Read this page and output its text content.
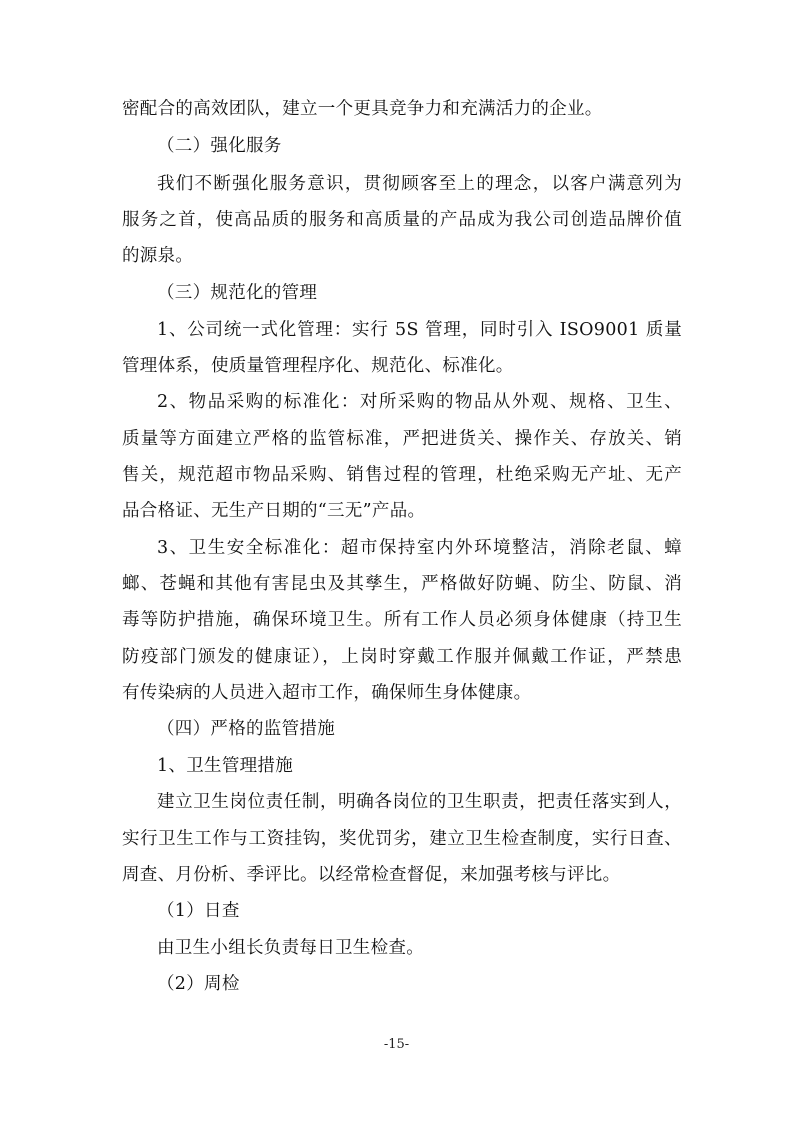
密配合的高效团队，建立一个更具竞争力和充满活力的企业。
（二）强化服务
我们不断强化服务意识，贯彻顾客至上的理念，以客户满意列为
服务之首，使高品质的服务和高质量的产品成为我公司创造品牌价值
的源泉。
（三）规范化的管理
1、公司统一式化管理：实行 5S 管理，同时引入 ISO9001 质量
管理体系，使质量管理程序化、规范化、标准化。
2、物品采购的标准化：对所采购的物品从外观、规格、卫生、
质量等方面建立严格的监管标准，严把进货关、操作关、存放关、销
售关，规范超市物品采购、销售过程的管理，杜绝采购无产址、无产
品合格证、无生产日期的“三无”产品。
3、卫生安全标准化：超市保持室内外环境整洁，消除老鼠、蟑
螂、苍蝇和其他有害昆虫及其孳生，严格做好防蝇、防尘、防鼠、消
毒等防护措施，确保环境卫生。所有工作人员必须身体健康（持卫生
防疫部门颁发的健康证），上岗时穿戴工作服并佩戴工作证，严禁患
有传染病的人员进入超市工作，确保师生身体健康。
（四）严格的监管措施
1、卫生管理措施
建立卫生岗位责任制，明确各岗位的卫生职责，把责任落实到人，
实行卫生工作与工资挂钩，奖优罚劣，建立卫生检查制度，实行日查、
周查、月份析、季评比。以经常检查督促，来加强考核与评比。
（1）日查
由卫生小组长负责每日卫生检查。
（2）周检
-15-
